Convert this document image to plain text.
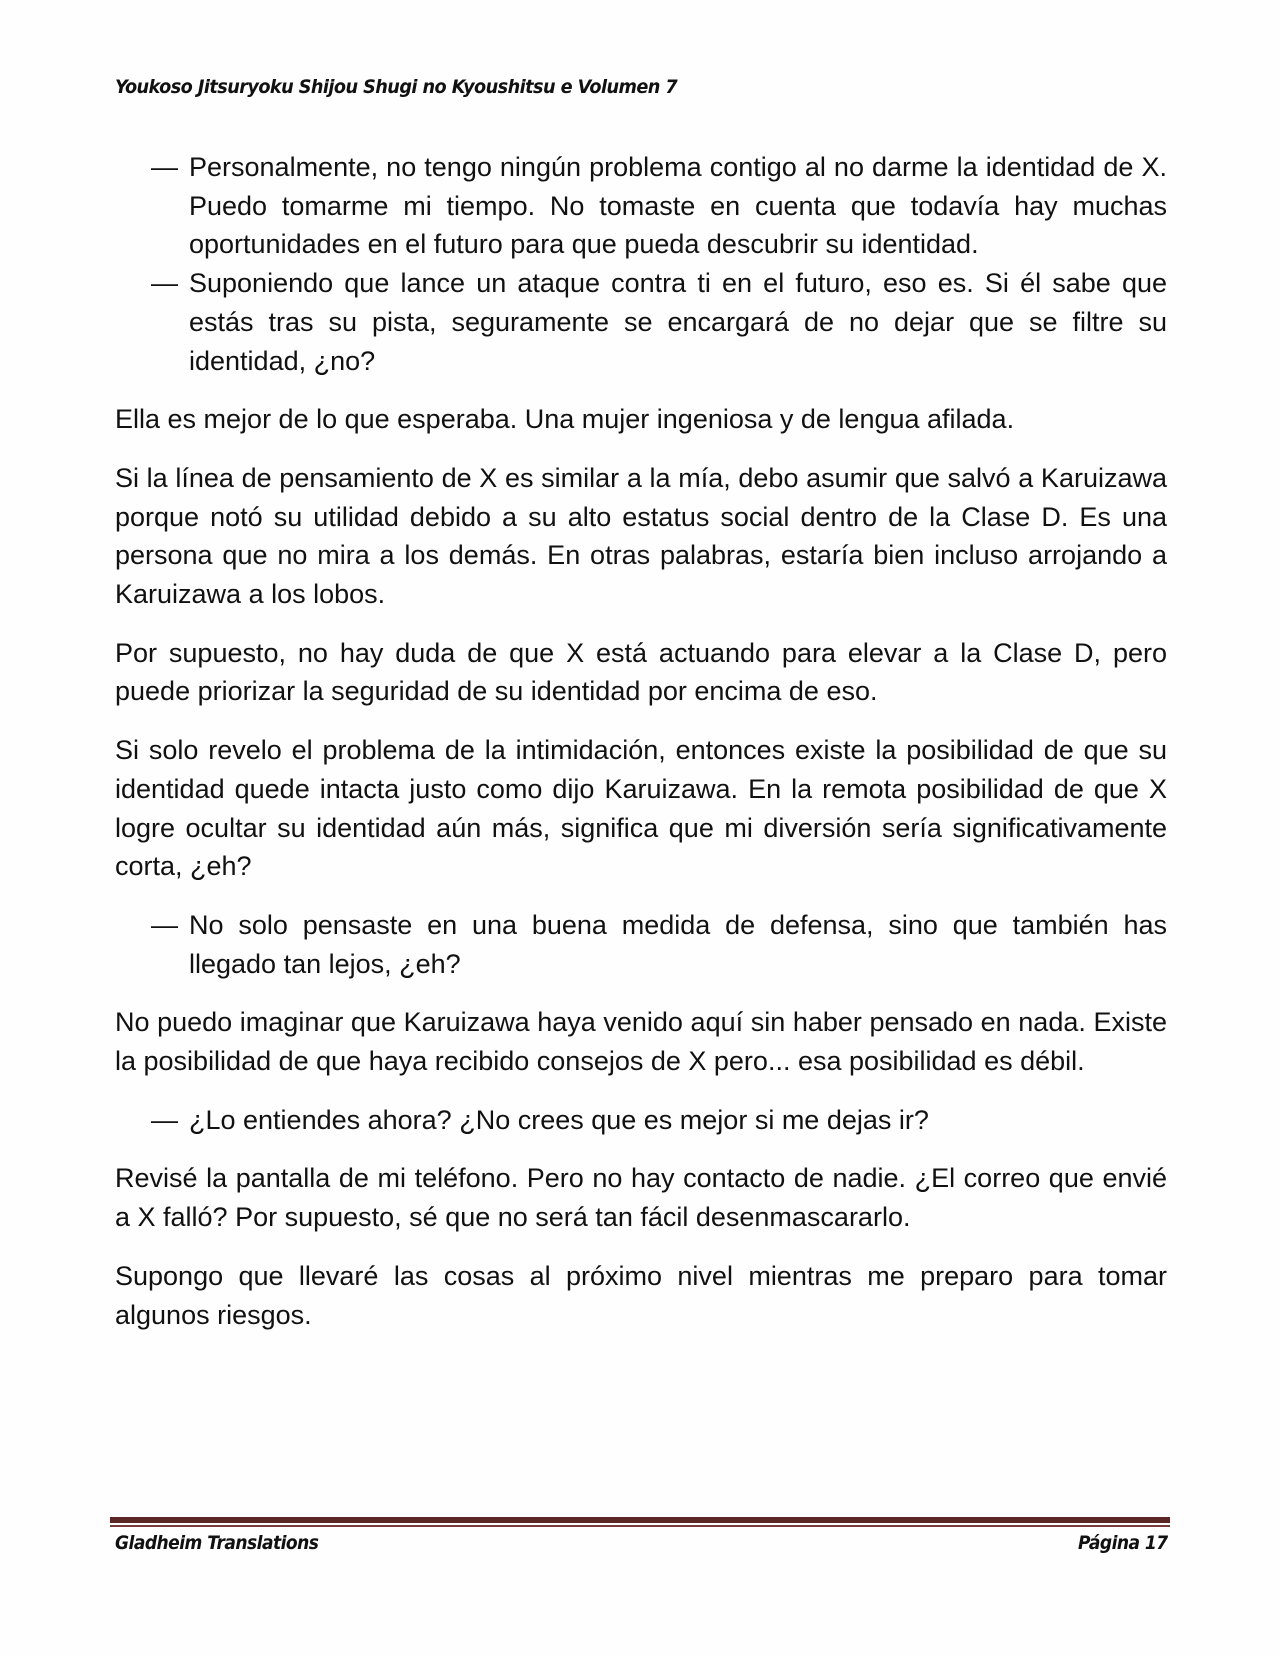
Youkoso Jitsuryoku Shijou Shugi no Kyoushitsu e Volumen 7

— Personalmente, no tengo ningún problema contigo al no darme la identidad de X. Puedo tomarme mi tiempo. No tomaste en cuenta que todavía hay muchas oportunidades en el futuro para que pueda descubrir su identidad.

— Suponiendo que lance un ataque contra ti en el futuro, eso es. Si él sabe que estás tras su pista, seguramente se encargará de no dejar que se filtre su identidad, ¿no?

Ella es mejor de lo que esperaba. Una mujer ingeniosa y de lengua afilada.

Si la línea de pensamiento de X es similar a la mía, debo asumir que salvó a Karuizawa porque notó su utilidad debido a su alto estatus social dentro de la Clase D. Es una persona que no mira a los demás. En otras palabras, estaría bien incluso arrojando a Karuizawa a los lobos.

Por supuesto, no hay duda de que X está actuando para elevar a la Clase D, pero puede priorizar la seguridad de su identidad por encima de eso.

Si solo revelo el problema de la intimidación, entonces existe la posibilidad de que su identidad quede intacta justo como dijo Karuizawa. En la remota posibilidad de que X logre ocultar su identidad aún más, significa que mi diversión sería significativamente corta, ¿eh?

— No solo pensaste en una buena medida de defensa, sino que también has llegado tan lejos, ¿eh?

No puedo imaginar que Karuizawa haya venido aquí sin haber pensado en nada. Existe la posibilidad de que haya recibido consejos de X pero... esa posibilidad es débil.

— ¿Lo entiendes ahora? ¿No crees que es mejor si me dejas ir?

Revisé la pantalla de mi teléfono. Pero no hay contacto de nadie. ¿El correo que envié a X falló? Por supuesto, sé que no será tan fácil desenmascararlo.

Supongo que llevaré las cosas al próximo nivel mientras me preparo para tomar algunos riesgos.

Gladheim Translations	Página 17
